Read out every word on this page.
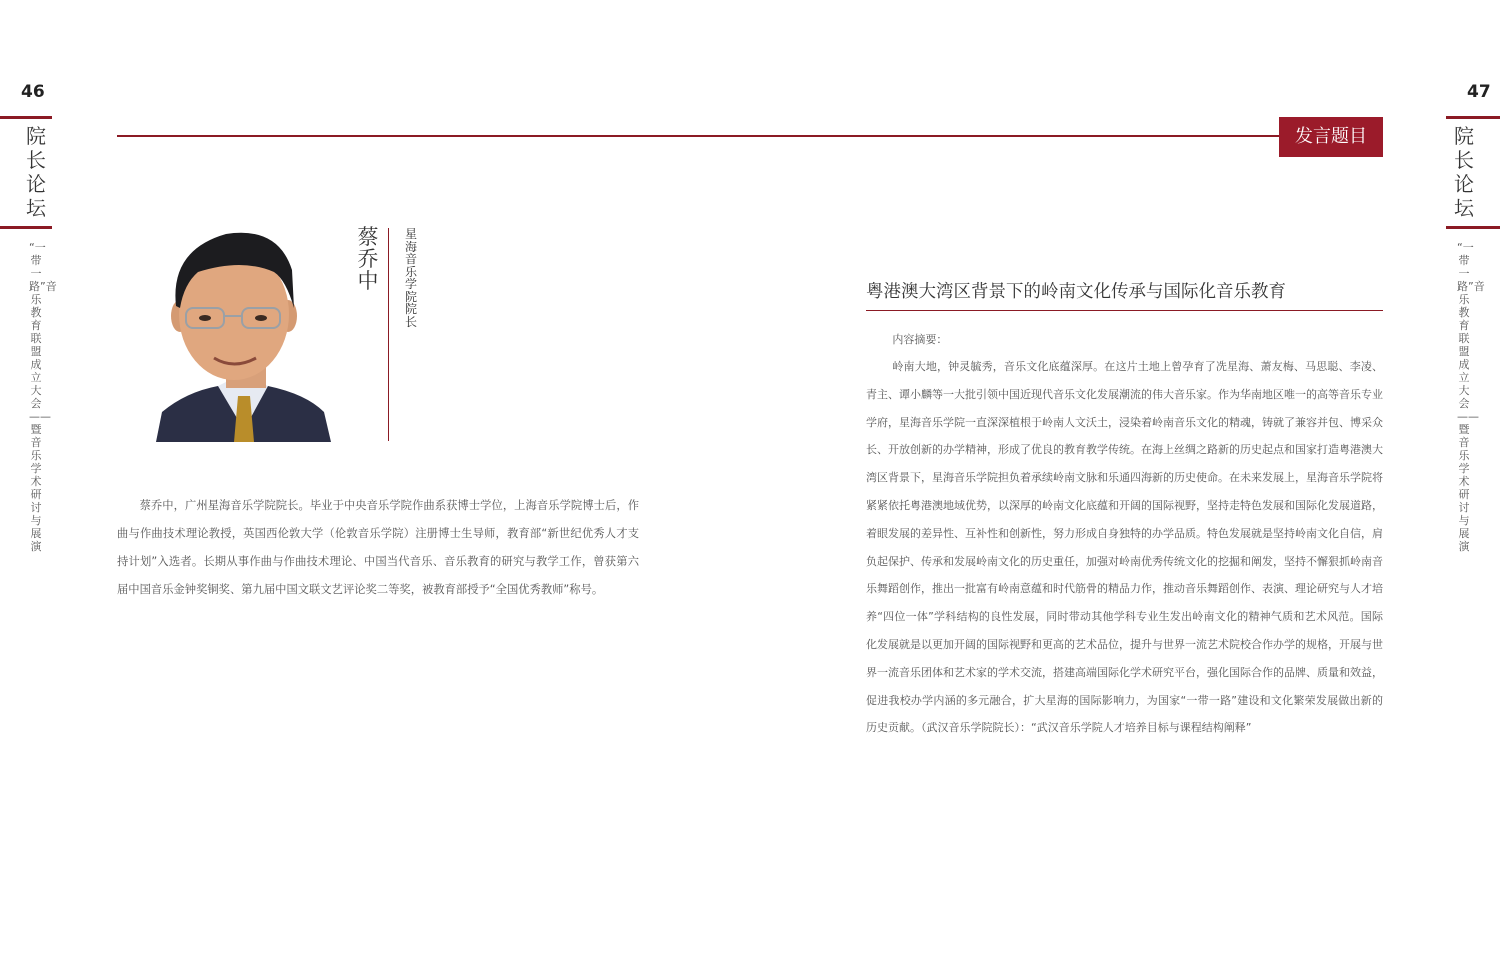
46
院长论坛
“一带一路”音乐教育联盟成立大会——暨音乐学术研讨与展演
47
院长论坛
“一带一路”音乐教育联盟成立大会——暨音乐学术研讨与展演
发言题目
蔡乔中
星海音乐学院院长

蔡乔中，广州星海音乐学院院长。毕业于中央音乐学院作曲系获博士学位，上海音乐学院博士后，作曲与作曲技术理论教授，英国西伦敦大学（伦敦音乐学院）注册博士生导师，教育部“新世纪优秀人才支持计划”入选者。长期从事作曲与作曲技术理论、中国当代音乐、音乐教育的研究与教学工作，曾获第六届中国音乐金钟奖铜奖、第九届中国文联文艺评论奖二等奖，被教育部授予“全国优秀教师”称号。

粤港澳大湾区背景下的岭南文化传承与国际化音乐教育

内容摘要：

岭南大地，钟灵毓秀，音乐文化底蕴深厚。在这片土地上曾孕育了冼星海、萧友梅、马思聪、李凌、青主、谭小麟等一大批引领中国近现代音乐文化发展潮流的伟大音乐家。作为华南地区唯一的高等音乐专业学府，星海音乐学院一直深深植根于岭南人文沃土，浸染着岭南音乐文化的精魂，铸就了兼容并包、博采众长、开放创新的办学精神，形成了优良的教育教学传统。在海上丝绸之路新的历史起点和国家打造粤港澳大湾区背景下，星海音乐学院担负着承续岭南文脉和乐通四海新的历史使命。在未来发展上，星海音乐学院将紧紧依托粤港澳地域优势，以深厚的岭南文化底蕴和开阔的国际视野，坚持走特色发展和国际化发展道路，着眼发展的差异性、互补性和创新性，努力形成自身独特的办学品质。特色发展就是坚持岭南文化自信，肩负起保护、传承和发展岭南文化的历史重任，加强对岭南优秀传统文化的挖掘和阐发，坚持不懈狠抓岭南音乐舞蹈创作，推出一批富有岭南意蕴和时代筋骨的精品力作，推动音乐舞蹈创作、表演、理论研究与人才培养“四位一体”学科结构的良性发展，同时带动其他学科专业生发出岭南文化的精神气质和艺术风范。国际化发展就是以更加开阔的国际视野和更高的艺术品位，提升与世界一流艺术院校合作办学的规格，开展与世界一流音乐团体和艺术家的学术交流，搭建高端国际化学术研究平台，强化国际合作的品牌、质量和效益，促进我校办学内涵的多元融合，扩大星海的国际影响力，为国家“一带一路”建设和文化繁荣发展做出新的历史贡献。（武汉音乐学院院长）：“武汉音乐学院人才培养目标与课程结构阐释”
